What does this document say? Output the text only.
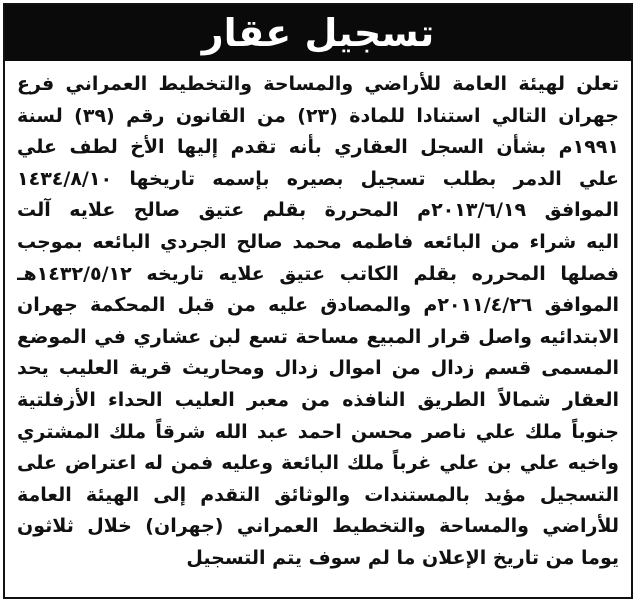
تسجيل عقار
تعلن لهيئة العامة للأراضي والمساحة والتخطيط العمراني فرع
جهران التالي استنادا للمادة (٢٣) من القانون رقم (٣٩) لسنة
١٩٩١م بشأن السجل العقاري بأنه تقدم إليها الأخ لطف علي
علي الدمر بطلب تسجيل بصيره بإسمه تاريخها ١٤٣٤/٨/١٠
الموافق ٢٠١٣/٦/١٩م المحررة بقلم عتيق صالح علايه آلت
اليه شراء من البائعه فاطمه محمد صالح الجردي البائعه بموجب
فصلها المحرره بقلم الكاتب عتيق علايه تاريخه ١٤٣٢/٥/١٢هـ
الموافق ٢٠١١/٤/٢٦م والمصادق عليه من قبل المحكمة جهران
الابتدائيه واصل قرار المبيع مساحة تسع لبن عشاري في الموضع
المسمى قسم زدال من اموال زدال ومحاريث قرية العليب يحد
العقار شمالاً الطريق النافذه من معبر العليب الحداء الأزفلتية
جنوباً ملك علي ناصر محسن احمد عبد الله شرقاً ملك المشتري
واخيه علي بن علي غرباً ملك البائعة وعليه فمن له اعتراض على
التسجيل مؤيد بالمستندات والوثائق التقدم إلى الهيئة العامة
للأراضي والمساحة والتخطيط العمراني (جهران) خلال ثلاثون
يوما من تاريخ الإعلان ما لم سوف يتم التسجيل
